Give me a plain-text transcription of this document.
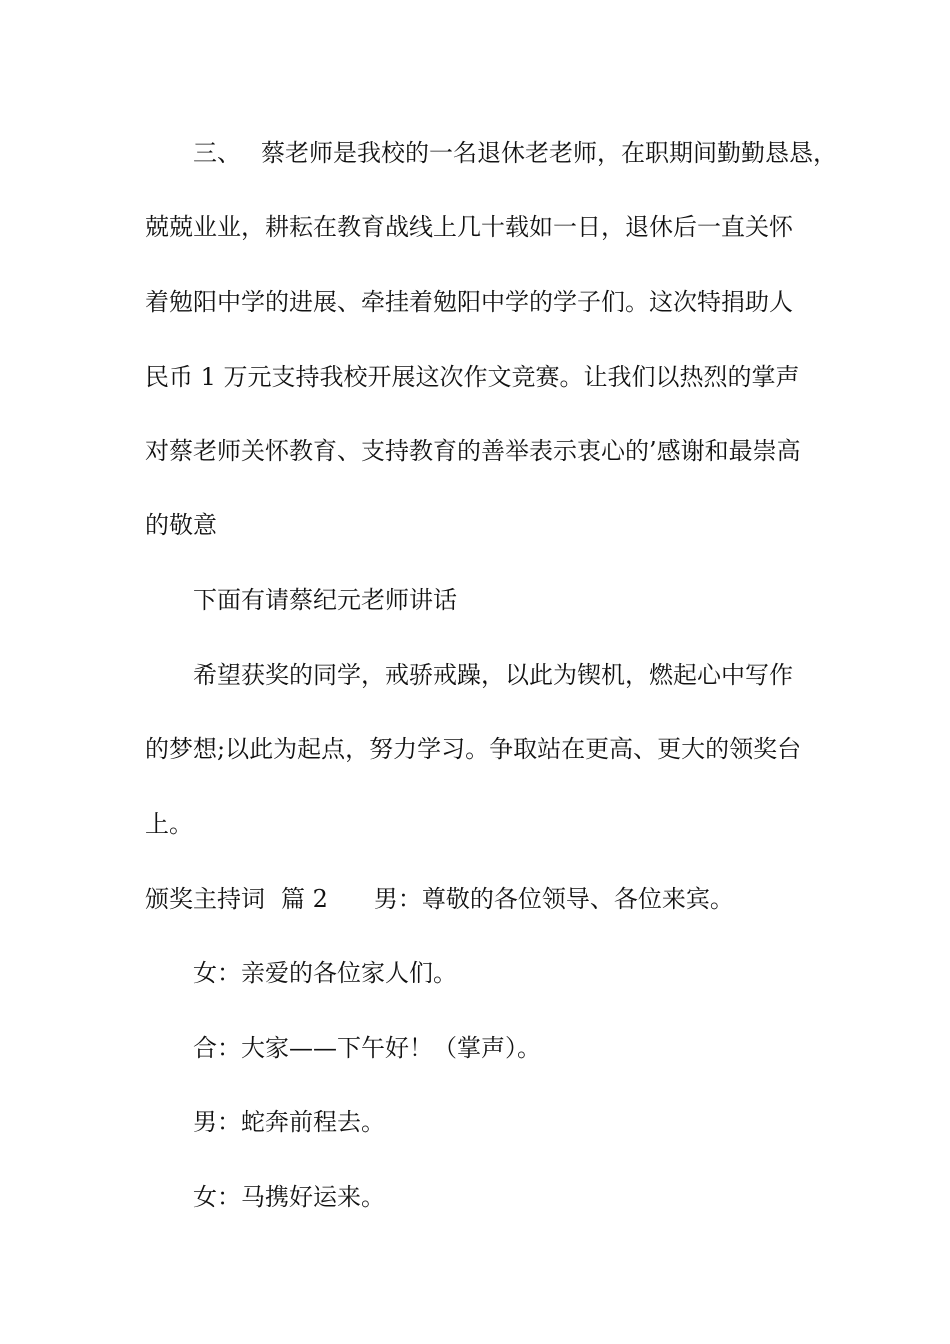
三、 蔡老师是我校的一名退休老老师，在职期间勤勤恳恳，
兢兢业业，耕耘在教育战线上几十载如一日，退休后一直关怀
着勉阳中学的进展、牵挂着勉阳中学的学子们。这次特捐助人
民币 1 万元支持我校开展这次作文竞赛。让我们以热烈的掌声
对蔡老师关怀教育、支持教育的善举表示衷心的’感谢和最崇高
的敬意
下面有请蔡纪元老师讲话
希望获奖的同学，戒骄戒躁，以此为锲机，燃起心中写作
的梦想;以此为起点，努力学习。争取站在更高、更大的领奖台
上。
颁奖主持词 篇 2 男：尊敬的各位领导、各位来宾。
女：亲爱的各位家人们。
合：大家——下午好！（掌声）。
男：蛇奔前程去。
女：马携好运来。
